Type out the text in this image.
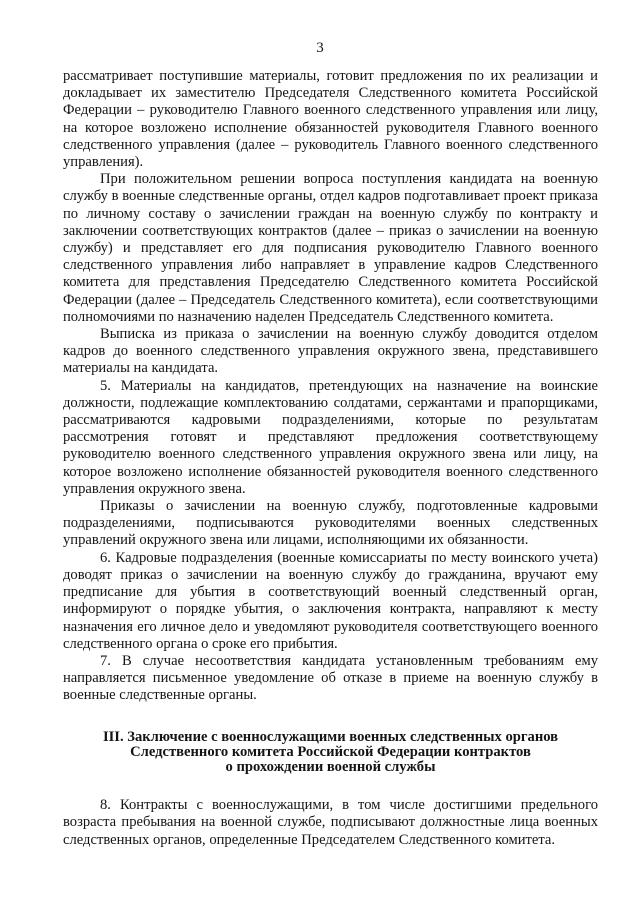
3

рассматривает поступившие материалы, готовит предложения по их реализации и докладывает их заместителю Председателя Следственного комитета Российской Федерации – руководителю Главного военного следственного управления или лицу, на которое возложено исполнение обязанностей руководителя Главного военного следственного управления (далее – руководитель Главного военного следственного управления).

При положительном решении вопроса поступления кандидата на военную службу в военные следственные органы, отдел кадров подготавливает проект приказа по личному составу о зачислении граждан на военную службу по контракту и заключении соответствующих контрактов (далее – приказ о зачислении на военную службу) и представляет его для подписания руководителю Главного военного следственного управления либо направляет в управление кадров Следственного комитета для представления Председателю Следственного комитета Российской Федерации (далее – Председатель Следственного комитета), если соответствующими полномочиями по назначению наделен Председатель Следственного комитета.

Выписка из приказа о зачислении на военную службу доводится отделом кадров до военного следственного управления окружного звена, представившего материалы на кандидата.

5. Материалы на кандидатов, претендующих на назначение на воинские должности, подлежащие комплектованию солдатами, сержантами и прапорщиками, рассматриваются кадровыми подразделениями, которые по результатам рассмотрения готовят и представляют предложения соответствующему руководителю военного следственного управления окружного звена или лицу, на которое возложено исполнение обязанностей руководителя военного следственного управления окружного звена.

Приказы о зачислении на военную службу, подготовленные кадровыми подразделениями, подписываются руководителями военных следственных управлений окружного звена или лицами, исполняющими их обязанности.

6. Кадровые подразделения (военные комиссариаты по месту воинского учета) доводят приказ о зачислении на военную службу до гражданина, вручают ему предписание для убытия в соответствующий военный следственный орган, информируют о порядке убытия, о заключения контракта, направляют к месту назначения его личное дело и уведомляют руководителя соответствующего военного следственного органа о сроке его прибытия.

7. В случае несоответствия кандидата установленным требованиям ему направляется письменное уведомление об отказе в приеме на военную службу в военные следственные органы.

III. Заключение с военнослужащими военных следственных органов
Следственного комитета Российской Федерации контрактов
о прохождении военной службы

8. Контракты с военнослужащими, в том числе достигшими предельного возраста пребывания на военной службе, подписывают должностные лица военных следственных органов, определенные Председателем Следственного комитета.
